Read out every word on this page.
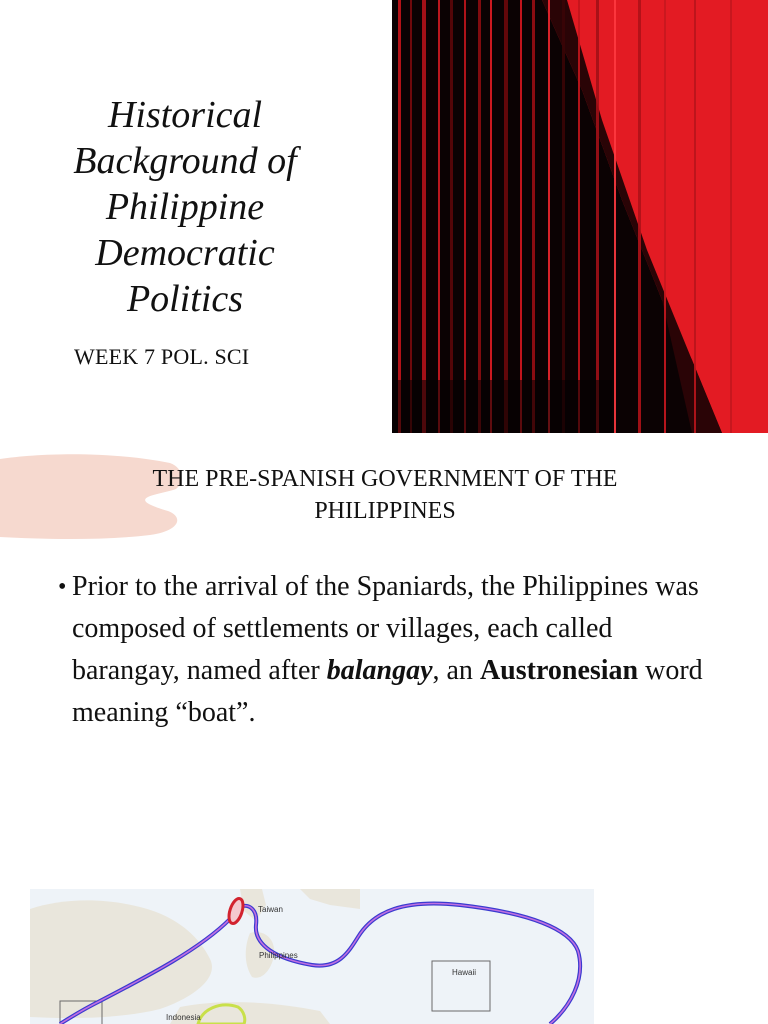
Historical
Background of
Philippine
Democratic
Politics
WEEK 7 POL. SCI
THE PRE-SPANISH GOVERNMENT OF THE
PHILIPPINES
• Prior to the arrival of the Spaniards, the Philippines was composed of settlements or villages, each called barangay, named after balangay, an Austronesian word meaning “boat”.

Taiwan
Philippines
Hawaii
Indonesia
